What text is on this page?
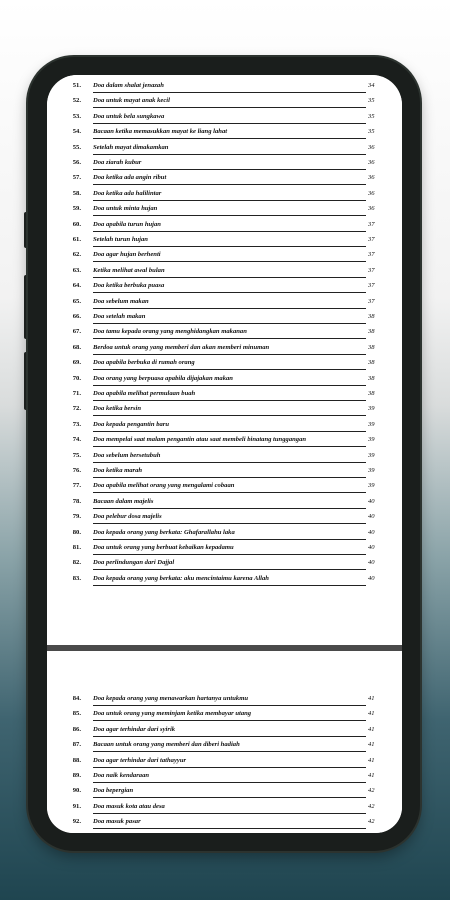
51. Doa dalam shalat jenazah	34
52. Doa untuk mayat anak kecil	35
53. Doa untuk bela sungkawa	35
54. Bacaan ketika memasukkan mayat ke liang lahat	35
55. Setelah mayat dimakamkan	36
56. Doa ziarah kubur	36
57. Doa ketika ada angin ribut	36
58. Doa ketika ada halilintar	36
59. Doa untuk minta hujan	36
60. Doa apabila turun hujan	37
61. Setelah turun hujan	37
62. Doa agar hujan berhenti	37
63. Ketika melihat awal bulan	37
64. Doa ketika berbuka puasa	37
65. Doa sebelum makan	37
66. Doa setelah makan	38
67. Doa tamu kepada orang yang menghidangkan makanan	38
68. Berdoa untuk orang yang memberi dan akan memberi minuman	38
69. Doa apabila berbuka di rumah orang	38
70. Doa orang yang berpuasa apabila dijajakan makan	38
71. Doa apabila melihat permulaan buah	38
72. Doa ketika bersin	39
73. Doa kepada pengantin baru	39
74. Doa mempelai saat malam pengantin atau saat membeli binatang tunggangan	39
75. Doa sebelum bersetubuh	39
76. Doa ketika marah	39
77. Doa apabila melihat orang yang mengalami cobaan	39
78. Bacaan dalam majelis	40
79. Doa pelebur dosa majelis	40
80. Doa kepada orang yang berkata: Ghafarallahu laka	40
81. Doa untuk orang yang berbuat kebaikan kepadamu	40
82. Doa perlindungan dari Dajjal	40
83. Doa kepada orang yang berkata: aku mencintaimu karena Allah	40
84. Doa kepada orang yang menawarkan hartanya untukmu	41
85. Doa untuk orang yang meminjam ketika membayar utang	41
86. Doa agar terhindar dari syirik	41
87. Bacaan untuk orang yang memberi dan diberi hadiah	41
88. Doa agar terhindar dari tathayyur	41
89. Doa naik kendaraan	41
90. Doa bepergian	42
91. Doa masuk kota atau desa	42
92. Doa masuk pasar	42
